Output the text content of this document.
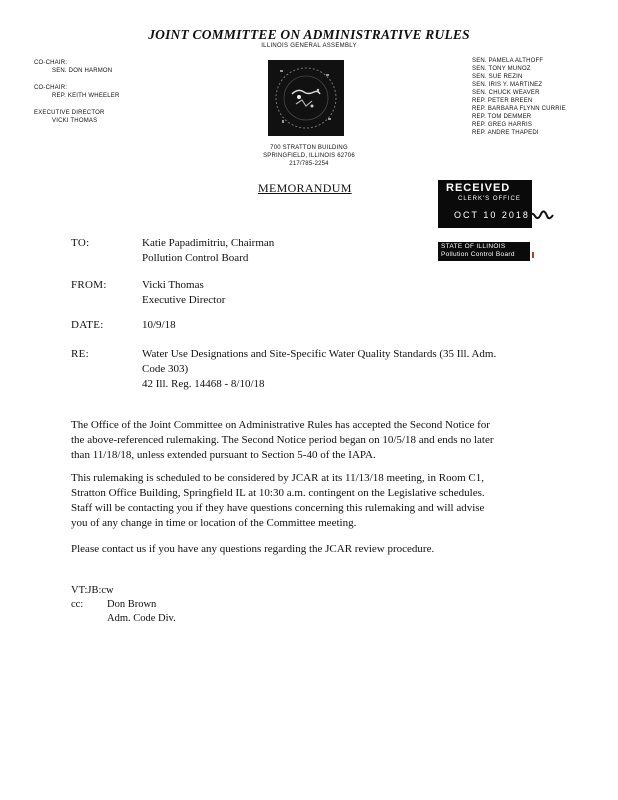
JOINT COMMITTEE ON ADMINISTRATIVE RULES
ILLINOIS GENERAL ASSEMBLY
CO-CHAIR:
SEN. DON HARMON
CO-CHAIR:
REP. KEITH WHEELER
EXECUTIVE DIRECTOR
VICKI THOMAS
SEN. PAMELA ALTHOFF
SEN. TONY MUNOZ
SEN. SUE REZIN
SEN. IRIS Y. MARTINEZ
SEN. CHUCK WEAVER
REP. PETER BREEN
REP. BARBARA FLYNN CURRIE
REP. TOM DEMMER
REP. GREG HARRIS
REP. ANDRE THAPEDI
700 STRATTON BUILDING
SPRINGFIELD, ILLINOIS 62706
217/785-2254
MEMORANDUM	RECEIVED
CLERK'S OFFICE
OCT 10 2018
STATE OF ILLINOIS
Pollution Control Board
TO:	Katie Papadimitriu, Chairman
Pollution Control Board
FROM:	Vicki Thomas
Executive Director
DATE:	10/9/18
RE:	Water Use Designations and Site-Specific Water Quality Standards (35 Ill. Adm.
Code 303)
42 Ill. Reg. 14468 - 8/10/18
The Office of the Joint Committee on Administrative Rules has accepted the Second Notice for
the above-referenced rulemaking. The Second Notice period began on 10/5/18 and ends no later
than 11/18/18, unless extended pursuant to Section 5-40 of the IAPA.
This rulemaking is scheduled to be considered by JCAR at its 11/13/18 meeting, in Room C1,
Stratton Office Building, Springfield IL at 10:30 a.m. contingent on the Legislative schedules.
Staff will be contacting you if they have questions concerning this rulemaking and will advise
you of any change in time or location of the Committee meeting.
Please contact us if you have any questions regarding the JCAR review procedure.
VT:JB:cw
cc: Don Brown
Adm. Code Div.
